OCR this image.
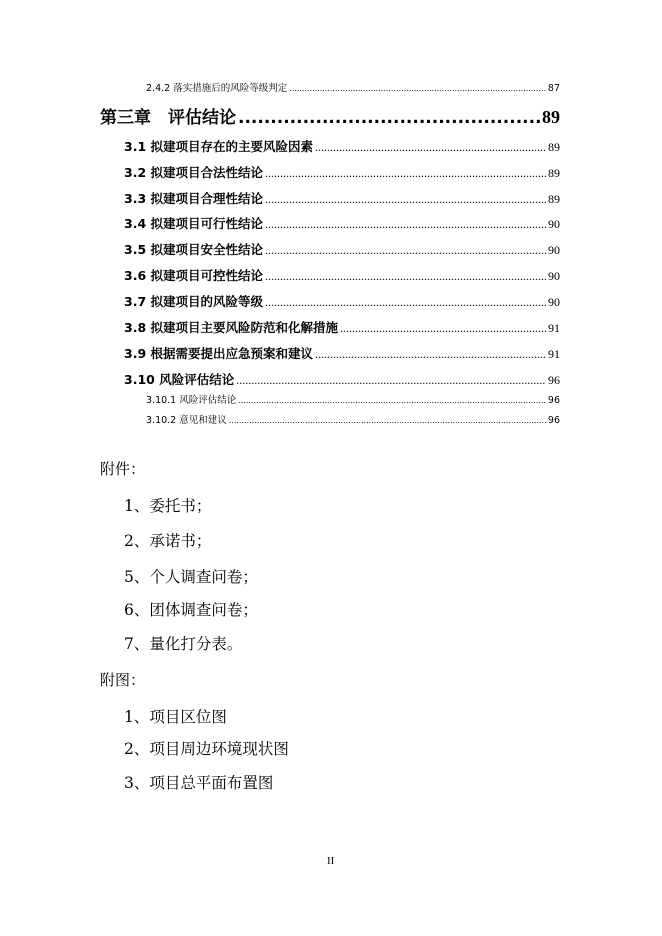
2.4.2 落实措施后的风险等级判定 .....	87
第三章　评估结论 .....	89
3.1 拟建项目存在的主要风险因素 .....	89
3.2 拟建项目合法性结论 .....	89
3.3 拟建项目合理性结论 .....	89
3.4 拟建项目可行性结论 .....	90
3.5 拟建项目安全性结论 .....	90
3.6 拟建项目可控性结论 .....	90
3.7 拟建项目的风险等级 .....	90
3.8 拟建项目主要风险防范和化解措施 .....	91
3.9 根据需要提出应急预案和建议 .....	91
3.10 风险评估结论 .....	96
3.10.1 风险评估结论 .....	96
3.10.2 意见和建议 .....	96
附件：
1、委托书；
2、承诺书；
5、个人调查问卷；
6、团体调查问卷；
7、量化打分表。
附图：
1、项目区位图
2、项目周边环境现状图
3、项目总平面布置图
II
